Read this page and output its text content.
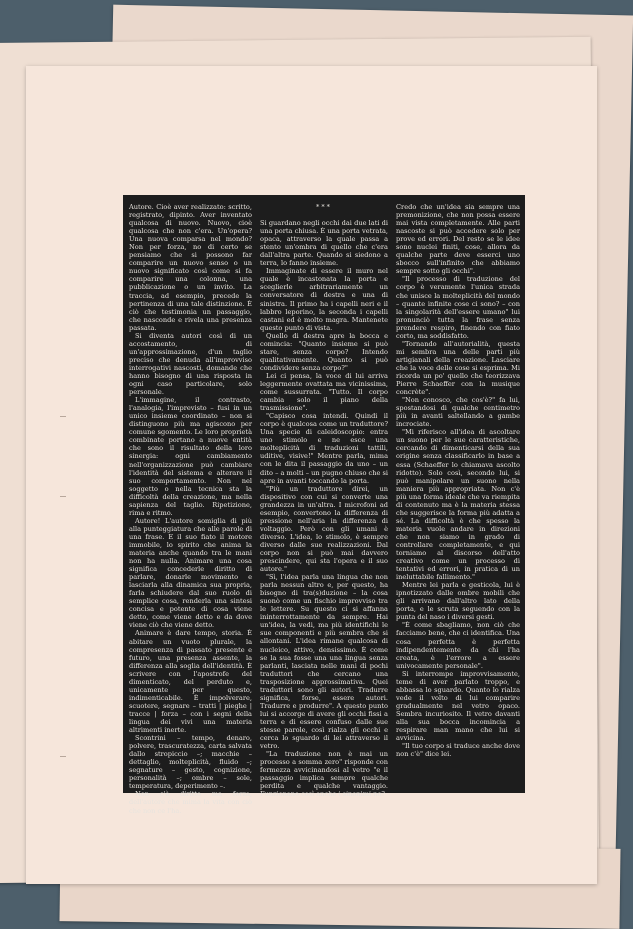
Autore. Cioè aver realizzato: scritto, registrato, dipinto. Aver inventato qualcosa di nuovo. Nuovo, cioè qualcosa che non c'era. Un'opera? Una nuova comparsa nel mondo? Non per forza, no di certo se pensiamo che si possono far comparire un nuovo senso o un nuovo significato così come si fa comparire una colonna, una pubblicazione o un invito. La traccia, ad esempio, precede la pertinenza di una tale distinzione. È ciò che testimonia un passaggio, che nasconde e rivela una presenza passata.

Si diventa autori così di un accostamento, di un'approssimazione, d'un taglio preciso che denuda all'improvviso interrogativi nascosti, domande che hanno bisogno di una risposta in ogni caso particolare, solo personale.

L'immagine, il contrasto, l'analogia, l'imprevisto – fusi in un unico insieme coordinato – non si distinguono più ma agiscono per comune sgomento. Le loro proprietà combinate portano a nuove entità che sono il risultato della loro sinergia: ogni cambiamento nell'organizzazione può cambiare l'identità del sistema e alterare il suo comportamento. Non nel soggetto o nella tecnica sta la difficoltà della creazione, ma nella sapienza del taglio. Ripetizione, rima e ritmo.

Autore! L'autore somiglia di più alla punteggiatura che alle parole di una frase. E il suo fiato il motore immobile, lo spirito che anima la materia anche quando tra le mani non ha nulla. Animare una cosa significa concederle diritto di parlare, donarle movimento e lasciarla alla dinamica sua propria, farla schiudere dal suo ruolo di semplice cosa, renderla una sintesi concisa e potente di cosa viene detto, come viene detto e da dove viene ciò che viene detto.

Animare è dare tempo, storia. È abitare un vuoto plurale, la compresenza di passato presente e futuro, una presenza assente, la differenza alla soglia dell'identità. È scrivere con l'apostrofe del dimenticato, del perduto e, unicamente per questo, indimenticabile. È impolverare, scuotere, segnare – tratti | pieghe | tracce | forza – con i segni della lingua dei vivi una materia altrimenti inerte.

Scontrini – tempo, denaro, polvere, trascuratezza, carta salvata dallo stropiccio –; macchie – dettaglio, molteplicità, fluido –; segnature – gesto, cognizione, personalità –; ombre – sole, temperatura, deperimento –.

Non c'è diritto ma forza, dell'autore che mima la vita con ciò che non ce l'ha.

***

Si guardano negli occhi dai due lati di una porta chiusa. È una porta vetrata, opaca, attraverso la quale passa a stento un'ombra di quello che c'era dall'altra parte. Quando si siedono a terra, lo fanno insieme.

Immaginate di essere il muro nel quale è incastonata la porta e sceglierle arbitrariamente un conversatore di destra e una di sinistra. Il primo ha i capelli neri e il labbro leporino, la seconda i capelli castani ed è molto magra. Mantenete questo punto di vista.

Quello di destra apre la bocca e comincia: "Quanto insieme si può stare, senza corpo? Intendo qualitativamente. Quanto si può condividere senza corpo?"

Lei ci pensa, la voce di lui arriva leggermente ovattata ma vicinissima, come sussurrata. "Tutto. Il corpo cambia solo il piano della trasmissione".

"Capisco cosa intendi. Quindi il corpo è qualcosa come un traduttore? Una specie di caleidoscopio: entra uno stimolo e ne esce una molteplicità di traduzioni tattili, uditive, visive!" Mentre parla, mima con le dita il passaggio da uno – un dito – a molti – un pugno chiuso che si apre in avanti toccando la porta.

"Più un traduttore direi, un dispositivo con cui si converte una grandezza in un'altra. I microfoni ad esempio, convertono la differenza di pressione nell'aria in differenza di voltaggio. Però con gli umani è diverso. L'idea, lo stimolo, è sempre diverso dalle sue realizzazioni. Dal corpo non si può mai davvero prescindere, qui sta l'opera e il suo autore."

"Sì, l'idea parla una lingua che non parla nessun altro e, per questo, ha bisogno di tra(s)duzione – la cosa suonò come un fischio improvviso tra le lettere. Su questo ci si affanna ininterrottamente da sempre. Hai un'idea, la vedi, ma più identifichi le sue componenti e più sembra che si allontani. L'idea rimane qualcosa di nucleico, attivo, densissimo. È come se la sua fosse una una lingua senza parlanti, lasciata nelle mani di pochi traduttori che cercano una trasposizione approssimativa. Quei traduttori sono gli autori. Tradurre significa, forse, essere autori. Tradurre e produrre". A questo punto lui si accorge di avere gli occhi fissi a terra e di essere confuso dalle sue stesse parole, così rialza gli occhi e cerca lo sguardo di lei attraverso il vetro.

"La traduzione non è mai un processo a somma zero" risponde con fermezza avvicinandosi al vetro "e il passaggio implica sempre qualche perdita e qualche vantaggio. Funzionano così anche i sinonimi no?

Credo che un'idea sia sempre una premonizione, che non possa essere mai vista completamente. Alle parti nascoste si può accedere solo per prove ed errori. Del resto se le idee sono nuclei finiti, cose, allora da qualche parte deve esserci uno sbocco sull'infinito che abbiamo sempre sotto gli occhi".

"Il processo di traduzione del corpo è veramente l'unica strada che unisce la molteplicità del mondo – quante infinite cose ci sono? – con la singolarità dell'essere umano" lui pronunciò tutta la frase senza prendere respiro, finendo con fiato corto, ma soddisfatto.

"Tornando all'autorialità, questa mi sembra una delle parti più artigianali della creazione. Lasciare che la voce delle cose si esprima. Mi ricorda un po' quello che teorizzava Pierre Schaeffer con la musique concrète".

"Non conosco, che cos'è?" fa lui, spostandosi di qualche centimetro più in avanti saltellando a gambe incrociate.

"Mi riferisco all'idea di ascoltare un suono per le sue caratteristiche, cercando di dimenticarsi della sua origine senza classificarlo in base a essa (Schaeffer lo chiamava ascolto ridotto). Solo così, secondo lui, si può manipolare un suono nella maniera più appropriata. Non c'è più una forma ideale che va riempita di contenuto ma è la materia stessa che suggerisce la forma più adatta a sé. La difficoltà è che spesso la materia vuole andare in direzioni che non siamo in grado di controllare completamente, e qui torniamo al discorso dell'atto creativo come un processo di tentativi ed errori, in pratica di un ineluttabile fallimento."

Mentre lei parla e gesticola, lui è ipnotizzato dalle ombre mobili che gli arrivano dall'altro lato della porta, e le scruta seguendo con la punta del naso i diversi gesti.

"È come sbagliamo, non ciò che facciamo bene, che ci identifica. Una cosa perfetta è perfetta indipendentemente da chi l'ha creata, è l'errore a essere univocamente personale".

Si interrompe improvvisamente, teme di aver parlato troppo, e abbassa lo sguardo. Quanto lo rialza vede il volto di lui comparire gradualmente nel vetro opaco. Sembra incuriosito. Il vetro davanti alla sua bocca incomincia a respirare man mano che lui si avvicina.

"Il tuo corpo si traduce anche dove non c'è" dice lei.
